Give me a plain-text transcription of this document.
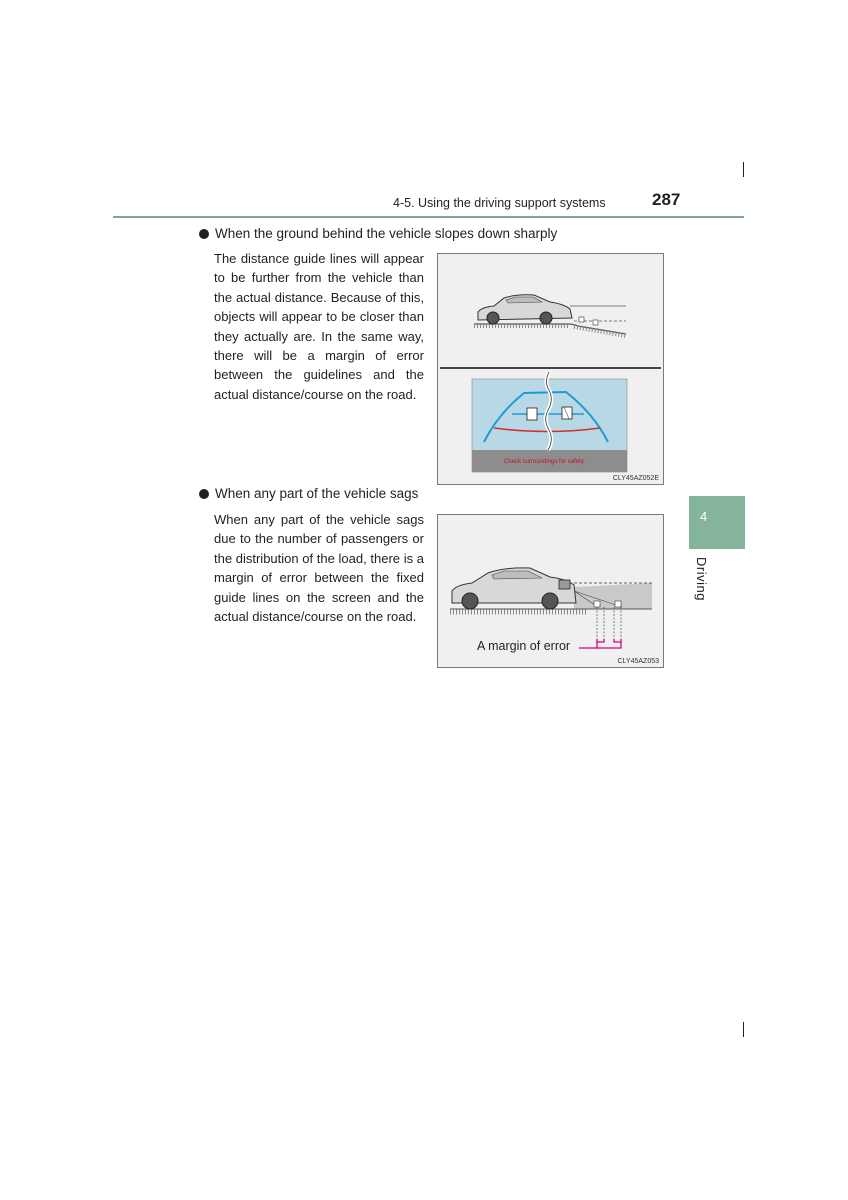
4-5. Using the driving support systems	287
4
Driving
When the ground behind the vehicle slopes down sharply
The distance guide lines will appear to be further from the vehicle than the actual distance. Because of this, objects will appear to be closer than they actually are. In the same way, there will be a margin of error between the guidelines and the actual distance/course on the road.
Check surroundings for safety.
CLY45AZ052E
When any part of the vehicle sags
When any part of the vehicle sags due to the number of passengers or the distribution of the load, there is a margin of error between the fixed guide lines on the screen and the actual distance/course on the road.
A margin of error
CLY45AZ053
